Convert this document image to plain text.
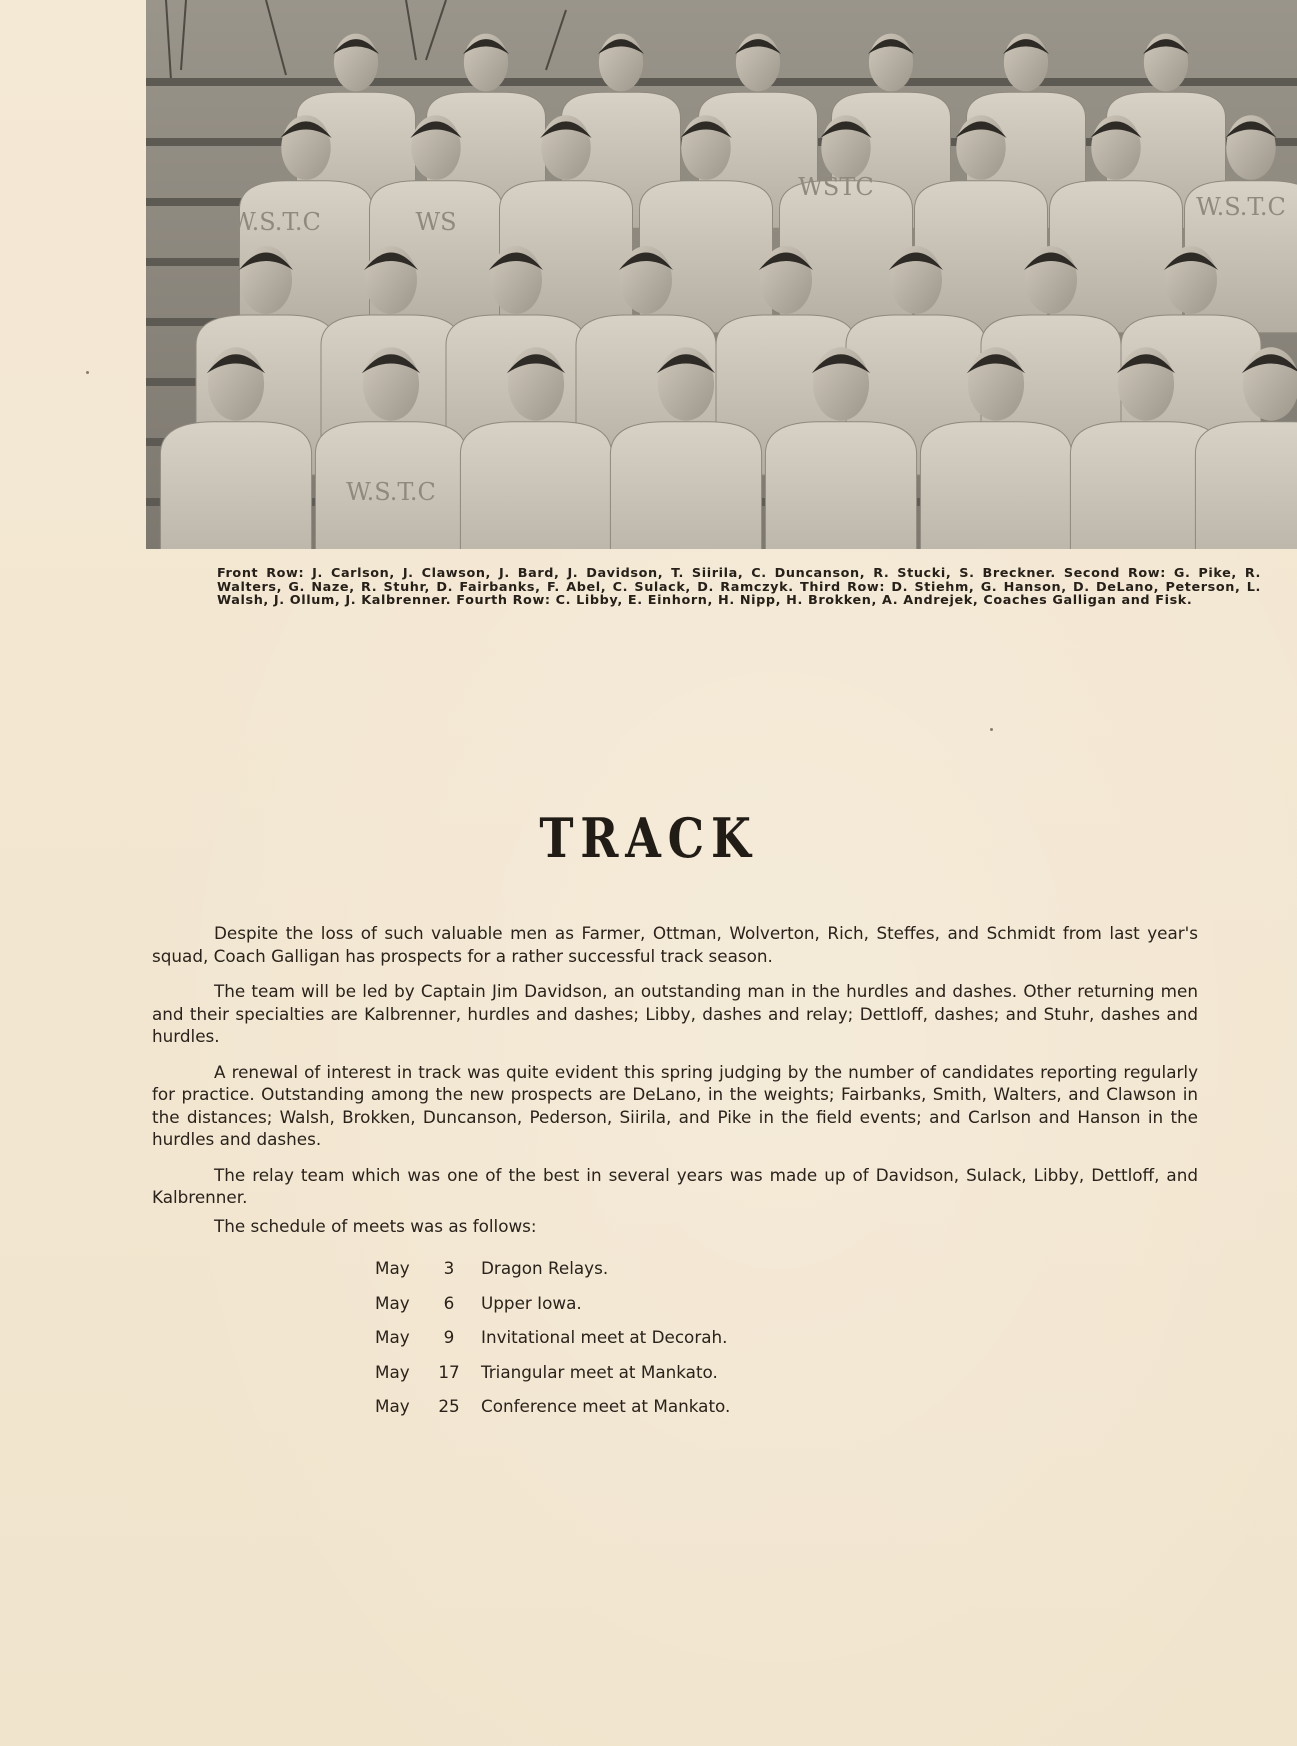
W.S.T.C	WS
WSTC
W.S.T.C
W.S.T.C
Front Row: J. Carlson, J. Clawson, J. Bard, J. Davidson, T. Siirila, C. Duncanson, R. Stucki, S. Breckner. Second Row: G. Pike, R. Walters, G. Naze, R. Stuhr, D. Fairbanks, F. Abel, C. Sulack, D. Ramczyk. Third Row: D. Stiehm, G. Hanson, D. DeLano, Peterson, L. Walsh, J. Ollum, J. Kalbrenner. Fourth Row: C. Libby, E. Einhorn, H. Nipp, H. Brokken, A. Andrejek, Coaches Galligan and Fisk.
TRACK

Despite the loss of such valuable men as Farmer, Ottman, Wolverton, Rich, Steffes, and Schmidt from last year's squad, Coach Galligan has prospects for a rather successful track season.

The team will be led by Captain Jim Davidson, an outstanding man in the hurdles and dashes. Other returning men and their specialties are Kalbrenner, hurdles and dashes; Libby, dashes and relay; Dettloff, dashes; and Stuhr, dashes and hurdles.

A renewal of interest in track was quite evident this spring judging by the number of candidates reporting regularly for practice. Outstanding among the new prospects are DeLano, in the weights; Fairbanks, Smith, Walters, and Clawson in the distances; Walsh, Brokken, Duncanson, Pederson, Siirila, and Pike in the field events; and Carlson and Hanson in the hurdles and dashes.

The relay team which was one of the best in several years was made up of Davidson, Sulack, Libby, Dettloff, and Kalbrenner.

The schedule of meets was as follows:
May	3	Dragon Relays.
May	6	Upper Iowa.
May	9	Invitational meet at Decorah.
May	17	Triangular meet at Mankato.
May	25	Conference meet at Mankato.
